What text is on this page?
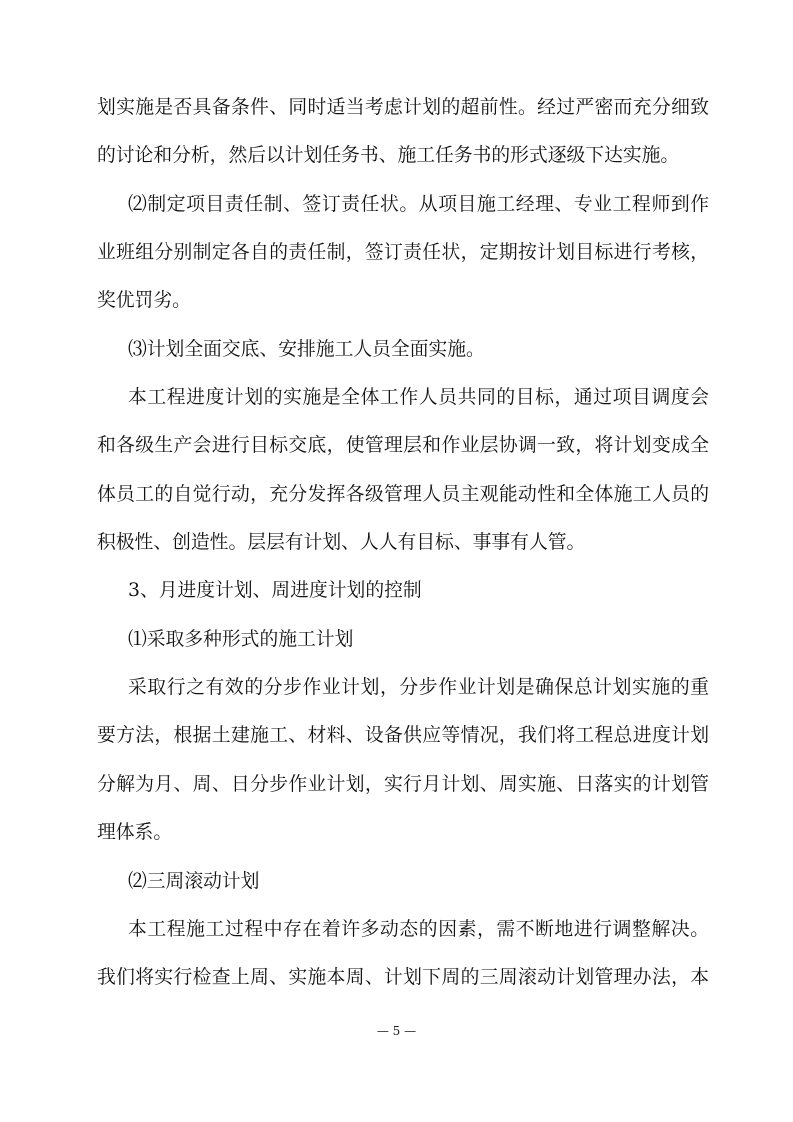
划实施是否具备条件、同时适当考虑计划的超前性。经过严密而充分细致
的讨论和分析，然后以计划任务书、施工任务书的形式逐级下达实施。
⑵制定项目责任制、签订责任状。从项目施工经理、专业工程师到作
业班组分别制定各自的责任制，签订责任状，定期按计划目标进行考核，
奖优罚劣。
⑶计划全面交底、安排施工人员全面实施。
本工程进度计划的实施是全体工作人员共同的目标，通过项目调度会
和各级生产会进行目标交底，使管理层和作业层协调一致，将计划变成全
体员工的自觉行动，充分发挥各级管理人员主观能动性和全体施工人员的
积极性、创造性。层层有计划、人人有目标、事事有人管。
3、月进度计划、周进度计划的控制
⑴采取多种形式的施工计划
采取行之有效的分步作业计划，分步作业计划是确保总计划实施的重
要方法，根据土建施工、材料、设备供应等情况，我们将工程总进度计划
分解为月、周、日分步作业计划，实行月计划、周实施、日落实的计划管
理体系。
⑵三周滚动计划
本工程施工过程中存在着许多动态的因素，需不断地进行调整解决。
我们将实行检查上周、实施本周、计划下周的三周滚动计划管理办法，本
— 5 —
